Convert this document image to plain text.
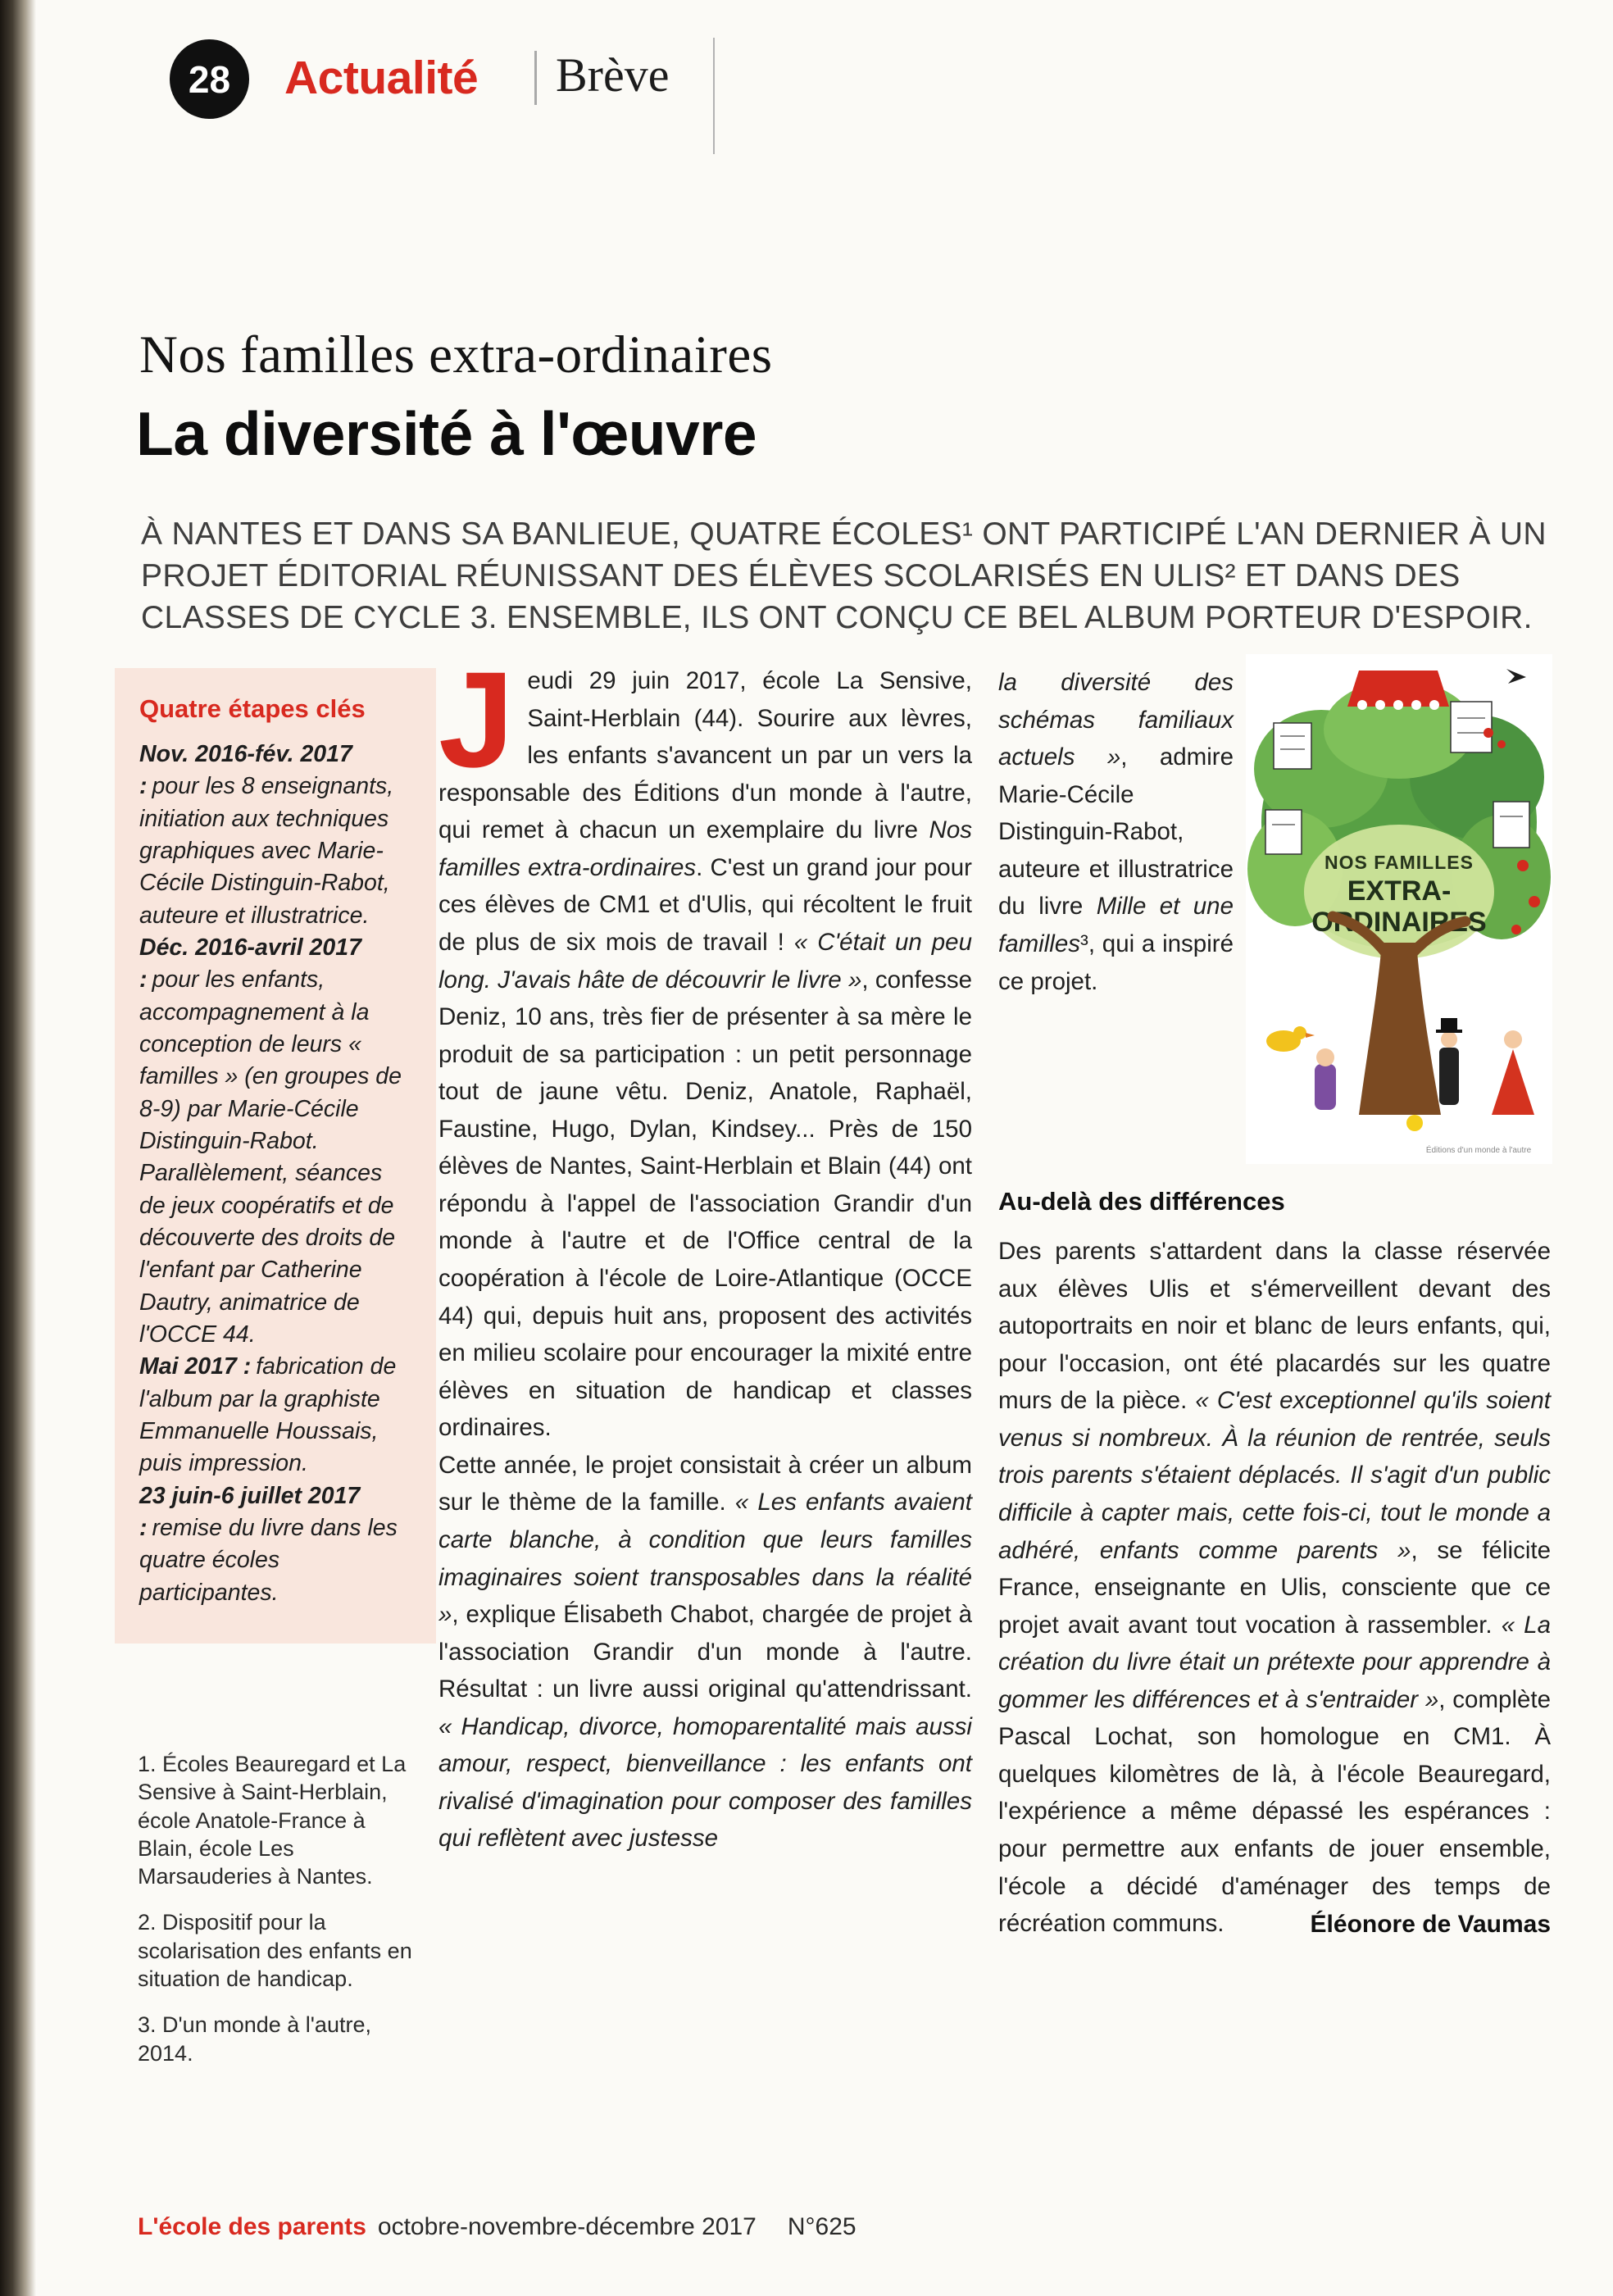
28 Actualité Brève
Nos familles extra-ordinaires
La diversité à l'œuvre
À NANTES ET DANS SA BANLIEUE, QUATRE ÉCOLES¹ ONT PARTICIPÉ L'AN DERNIER À UN PROJET ÉDITORIAL RÉUNISSANT DES ÉLÈVES SCOLARISÉS EN ULIS² ET DANS DES CLASSES DE CYCLE 3. ENSEMBLE, ILS ONT CONÇU CE BEL ALBUM PORTEUR D'ESPOIR.
Quatre étapes clés

Nov. 2016-fév. 2017 : pour les 8 enseignants, initiation aux techniques graphiques avec Marie-Cécile Distinguin-Rabot, auteure et illustratrice.

Déc. 2016-avril 2017 : pour les enfants, accompagnement à la conception de leurs « familles » (en groupes de 8-9) par Marie-Cécile Distinguin-Rabot. Parallèlement, séances de jeux coopératifs et de découverte des droits de l'enfant par Catherine Dautry, animatrice de l'OCCE 44.

Mai 2017 : fabrication de l'album par la graphiste Emmanuelle Houssais, puis impression.

23 juin-6 juillet 2017 : remise du livre dans les quatre écoles participantes.

1. Écoles Beauregard et La Sensive à Saint-Herblain, école Anatole-France à Blain, école Les Marsauderies à Nantes.

2. Dispositif pour la scolarisation des enfants en situation de handicap.

3. D'un monde à l'autre, 2014.

Jeudi 29 juin 2017, école La Sensive, Saint-Herblain (44). Sourire aux lèvres, les enfants s'avancent un par un vers la responsable des Éditions d'un monde à l'autre, qui remet à chacun un exemplaire du livre Nos familles extra-ordinaires. C'est un grand jour pour ces élèves de CM1 et d'Ulis, qui récoltent le fruit de plus de six mois de travail ! « C'était un peu long. J'avais hâte de découvrir le livre », confesse Deniz, 10 ans, très fier de présenter à sa mère le produit de sa participation : un petit personnage tout de jaune vêtu. Deniz, Anatole, Raphaël, Faustine, Hugo, Dylan, Kindsey... Près de 150 élèves de Nantes, Saint-Herblain et Blain (44) ont répondu à l'appel de l'association Grandir d'un monde à l'autre et de l'Office central de la coopération à l'école de Loire-Atlantique (OCCE 44) qui, depuis huit ans, proposent des activités en milieu scolaire pour encourager la mixité entre élèves en situation de handicap et classes ordinaires.

Cette année, le projet consistait à créer un album sur le thème de la famille. « Les enfants avaient carte blanche, à condition que leurs familles imaginaires soient transposables dans la réalité », explique Élisabeth Chabot, chargée de projet à l'association Grandir d'un monde à l'autre. Résultat : un livre aussi original qu'attendrissant. « Handicap, divorce, homoparentalité mais aussi amour, respect, bienveillance : les enfants ont rivalisé d'imagination pour composer des familles qui reflètent avec justesse

la diversité des schémas familiaux actuels », admire Marie-Cécile Distinguin-Rabot, auteure et illustratrice du livre Mille et une familles³, qui a inspiré ce projet.

NOS FAMILLES
EXTRA-
ORDINAIRES
Éditions d'un monde à l'autre
Au-delà des différences

Des parents s'attardent dans la classe réservée aux élèves Ulis et s'émerveillent devant des autoportraits en noir et blanc de leurs enfants, qui, pour l'occasion, ont été placardés sur les quatre murs de la pièce. « C'est exceptionnel qu'ils soient venus si nombreux. À la réunion de rentrée, seuls trois parents s'étaient déplacés. Il s'agit d'un public difficile à capter mais, cette fois-ci, tout le monde a adhéré, enfants comme parents », se félicite France, enseignante en Ulis, consciente que ce projet avait avant tout vocation à rassembler. « La création du livre était un prétexte pour apprendre à gommer les différences et à s'entraider », complète Pascal Lochat, son homologue en CM1. À quelques kilomètres de là, à l'école Beauregard, l'expérience a même dépassé les espérances : pour permettre aux enfants de jouer ensemble, l'école a décidé d'aménager des temps de récréation communs.	Éléonore de Vaumas
L'école des parents octobre-novembre-décembre 2017 N°625
